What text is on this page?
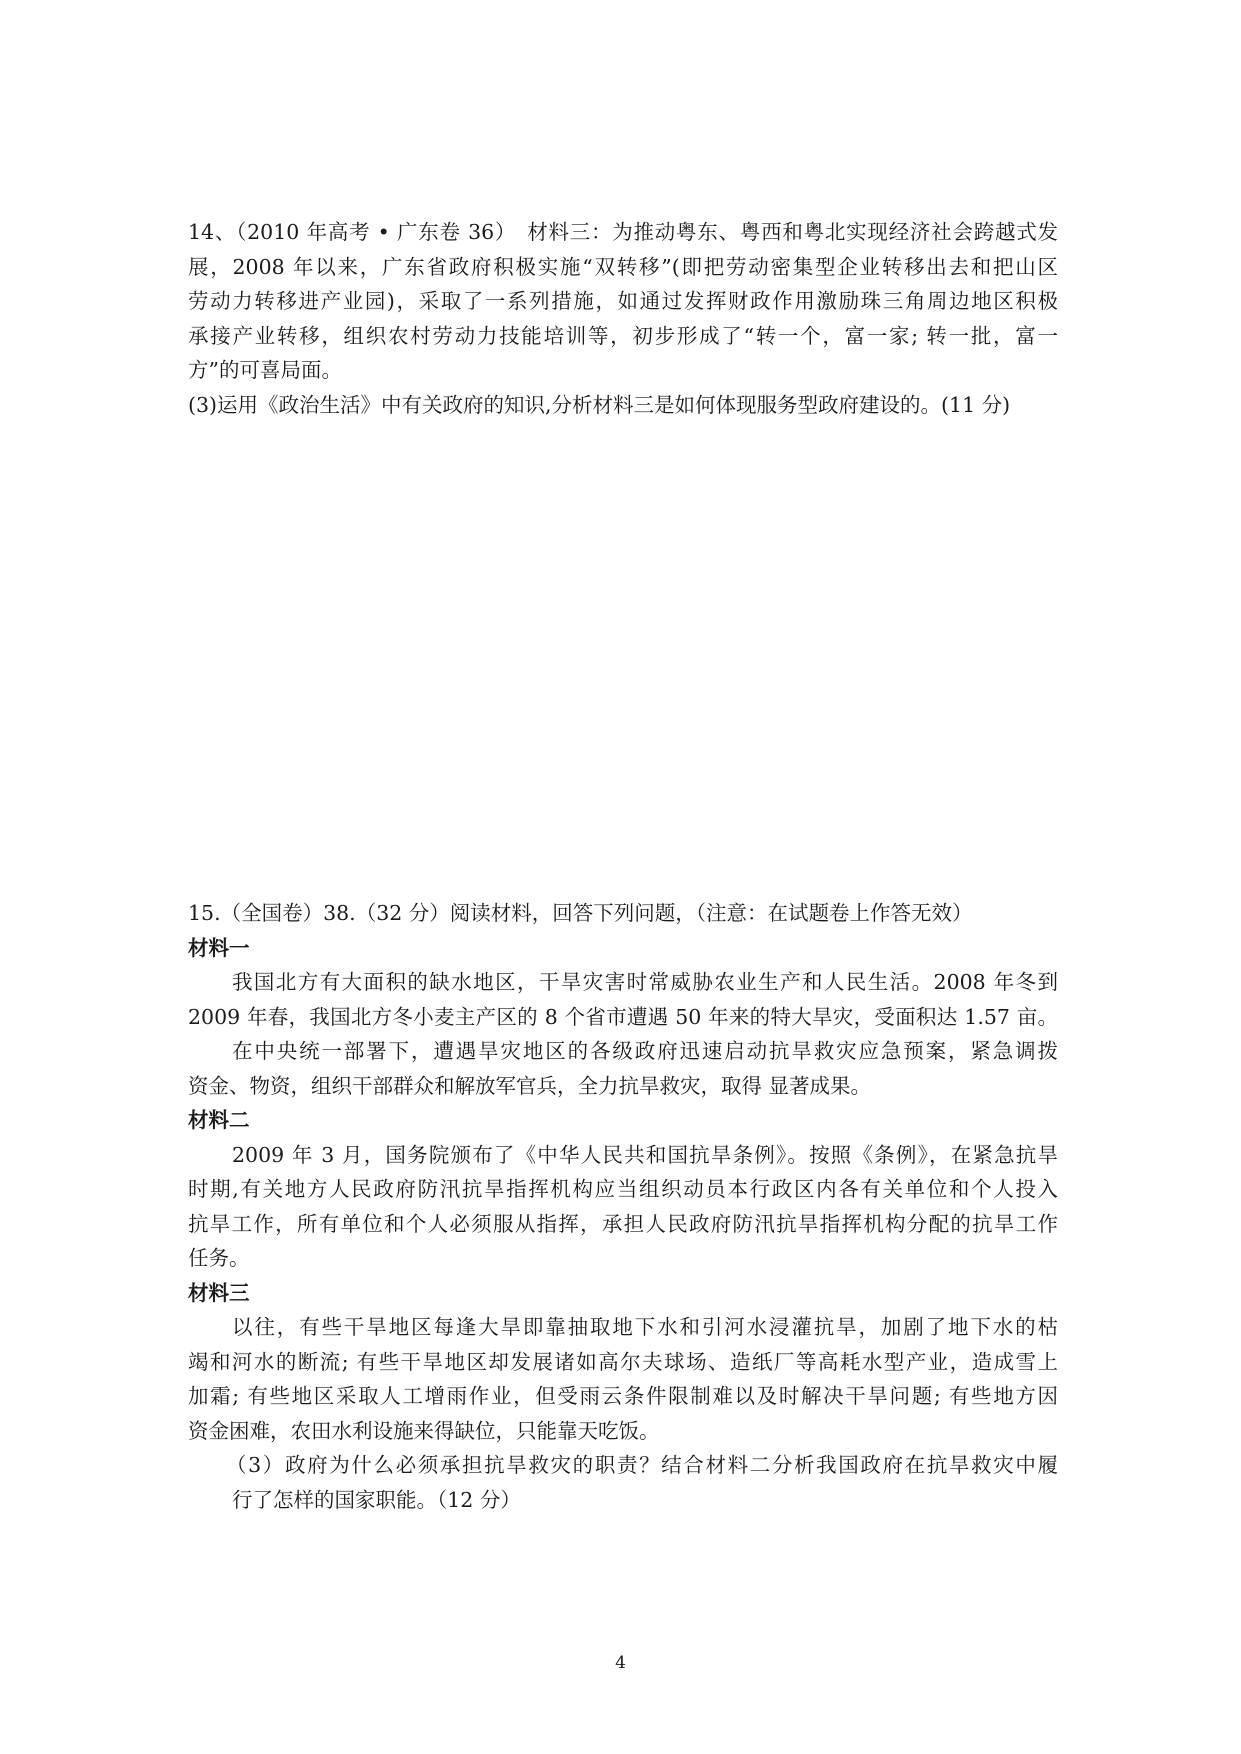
14、（2010 年高考 • 广东卷 36）　材料三：为推动粤东、粤西和粤北实现经济社会跨越式发
展，2008 年以来，广东省政府积极实施“双转移”(即把劳动密集型企业转移出去和把山区
劳动力转移进产业园)，采取了一系列措施，如通过发挥财政作用激励珠三角周边地区积极
承接产业转移，组织农村劳动力技能培训等，初步形成了“转一个，富一家; 转一批，富一
方”的可喜局面。
(3)运用《政治生活》中有关政府的知识,分析材料三是如何体现服务型政府建设的。(11 分)
15.（全国卷）38.（32 分）阅读材料，回答下列问题，（注意：在试题卷上作答无效）
材料一
我国北方有大面积的缺水地区，干旱灾害时常威胁农业生产和人民生活。2008 年冬到
2009 年春，我国北方冬小麦主产区的 8 个省市遭遇 50 年来的特大旱灾，受面积达 1.57 亩。
在中央统一部署下，遭遇旱灾地区的各级政府迅速启动抗旱救灾应急预案，紧急调拨
资金、物资，组织干部群众和解放军官兵，全力抗旱救灾，取得 显著成果。
材料二
2009 年 3 月，国务院颁布了《中华人民共和国抗旱条例》。按照《条例》，在紧急抗旱
时期,有关地方人民政府防汛抗旱指挥机构应当组织动员本行政区内各有关单位和个人投入
抗旱工作，所有单位和个人必须服从指挥，承担人民政府防汛抗旱指挥机构分配的抗旱工作
任务。
材料三
以往，有些干旱地区每逢大旱即靠抽取地下水和引河水浸灌抗旱，加剧了地下水的枯
竭和河水的断流; 有些干旱地区却发展诸如高尔夫球场、造纸厂等高耗水型产业，造成雪上
加霜; 有些地区采取人工增雨作业，但受雨云条件限制难以及时解决干旱问题; 有些地方因
资金困难，农田水利设施来得缺位，只能靠天吃饭。
（3）政府为什么必须承担抗旱救灾的职责？结合材料二分析我国政府在抗旱救灾中履
行了怎样的国家职能。（12 分）
4
